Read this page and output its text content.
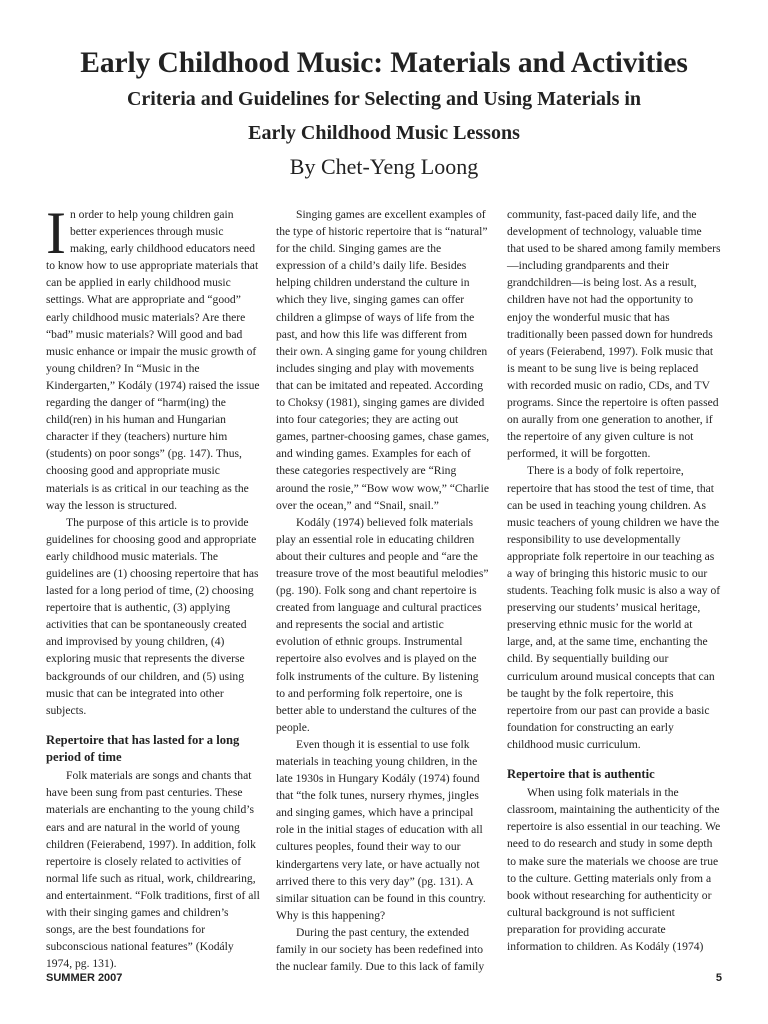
Early Childhood Music: Materials and Activities

Criteria and Guidelines for Selecting and Using Materials in

Early Childhood Music Lessons

By Chet-Yeng Loong

In order to help young children gain better experiences through music making, early childhood educators need to know how to use appropriate materials that can be applied in early childhood music settings. What are appropriate and “good” early childhood music materials? Are there “bad” music materials? Will good and bad music enhance or impair the music growth of young children? In “Music in the Kindergarten,” Kodály (1974) raised the issue regarding the danger of “harm(ing) the child(ren) in his human and Hungarian character if they (teachers) nurture him (students) on poor songs” (pg. 147). Thus, choosing good and appropriate music materials is as critical in our teaching as the way the lesson is structured.

The purpose of this article is to provide guidelines for choosing good and appropriate early childhood music materials. The guidelines are (1) choosing repertoire that has lasted for a long period of time, (2) choosing repertoire that is authentic, (3) applying activities that can be spontaneously created and improvised by young children, (4) exploring music that represents the diverse backgrounds of our children, and (5) using music that can be integrated into other subjects.

Repertoire that has lasted for a long period of time

Folk materials are songs and chants that have been sung from past centuries. These materials are enchanting to the young child’s ears and are natural in the world of young children (Feierabend, 1997). In addition, folk repertoire is closely related to activities of normal life such as ritual, work, childrearing, and entertainment. “Folk traditions, first of all with their singing games and children’s songs, are the best foundations for subconscious national features” (Kodály 1974, pg. 131).

Singing games are excellent examples of the type of historic repertoire that is “natural” for the child. Singing games are the expression of a child’s daily life. Besides helping children understand the culture in which they live, singing games can offer children a glimpse of ways of life from the past, and how this life was different from their own. A singing game for young children includes singing and play with movements that can be imitated and repeated. According to Choksy (1981), singing games are divided into four categories; they are acting out games, partner-choosing games, chase games, and winding games. Examples for each of these categories respectively are “Ring around the rosie,” “Bow wow wow,” “Charlie over the ocean,” and “Snail, snail.”

Kodály (1974) believed folk materials play an essential role in educating children about their cultures and people and “are the treasure trove of the most beautiful melodies” (pg. 190). Folk song and chant repertoire is created from language and cultural practices and represents the social and artistic evolution of ethnic groups. Instrumental repertoire also evolves and is played on the folk instruments of the culture. By listening to and performing folk repertoire, one is better able to understand the cultures of the people.

Even though it is essential to use folk materials in teaching young children, in the late 1930s in Hungary Kodály (1974) found that “the folk tunes, nursery rhymes, jingles and singing games, which have a principal role in the initial stages of education with all cultures peoples, found their way to our kindergartens very late, or have actually not arrived there to this very day” (pg. 131). A similar situation can be found in this country. Why is this happening?

During the past century, the extended family in our society has been redefined into the nuclear family. Due to this lack of family

community, fast-paced daily life, and the development of technology, valuable time that used to be shared among family members—including grandparents and their grandchildren—is being lost. As a result, children have not had the opportunity to enjoy the wonderful music that has traditionally been passed down for hundreds of years (Feierabend, 1997). Folk music that is meant to be sung live is being replaced with recorded music on radio, CDs, and TV programs. Since the repertoire is often passed on aurally from one generation to another, if the repertoire of any given culture is not performed, it will be forgotten.

There is a body of folk repertoire, repertoire that has stood the test of time, that can be used in teaching young children. As music teachers of young children we have the responsibility to use developmentally appropriate folk repertoire in our teaching as a way of bringing this historic music to our students. Teaching folk music is also a way of preserving our students’ musical heritage, preserving ethnic music for the world at large, and, at the same time, enchanting the child. By sequentially building our curriculum around musical concepts that can be taught by the folk repertoire, this repertoire from our past can provide a basic foundation for constructing an early childhood music curriculum.

Repertoire that is authentic

When using folk materials in the classroom, maintaining the authenticity of the repertoire is also essential in our teaching. We need to do research and study in some depth to make sure the materials we choose are true to the culture. Getting materials only from a book without researching for authenticity or cultural background is not sufficient preparation for providing accurate information to children. As Kodály (1974)

SUMMER 2007	5
